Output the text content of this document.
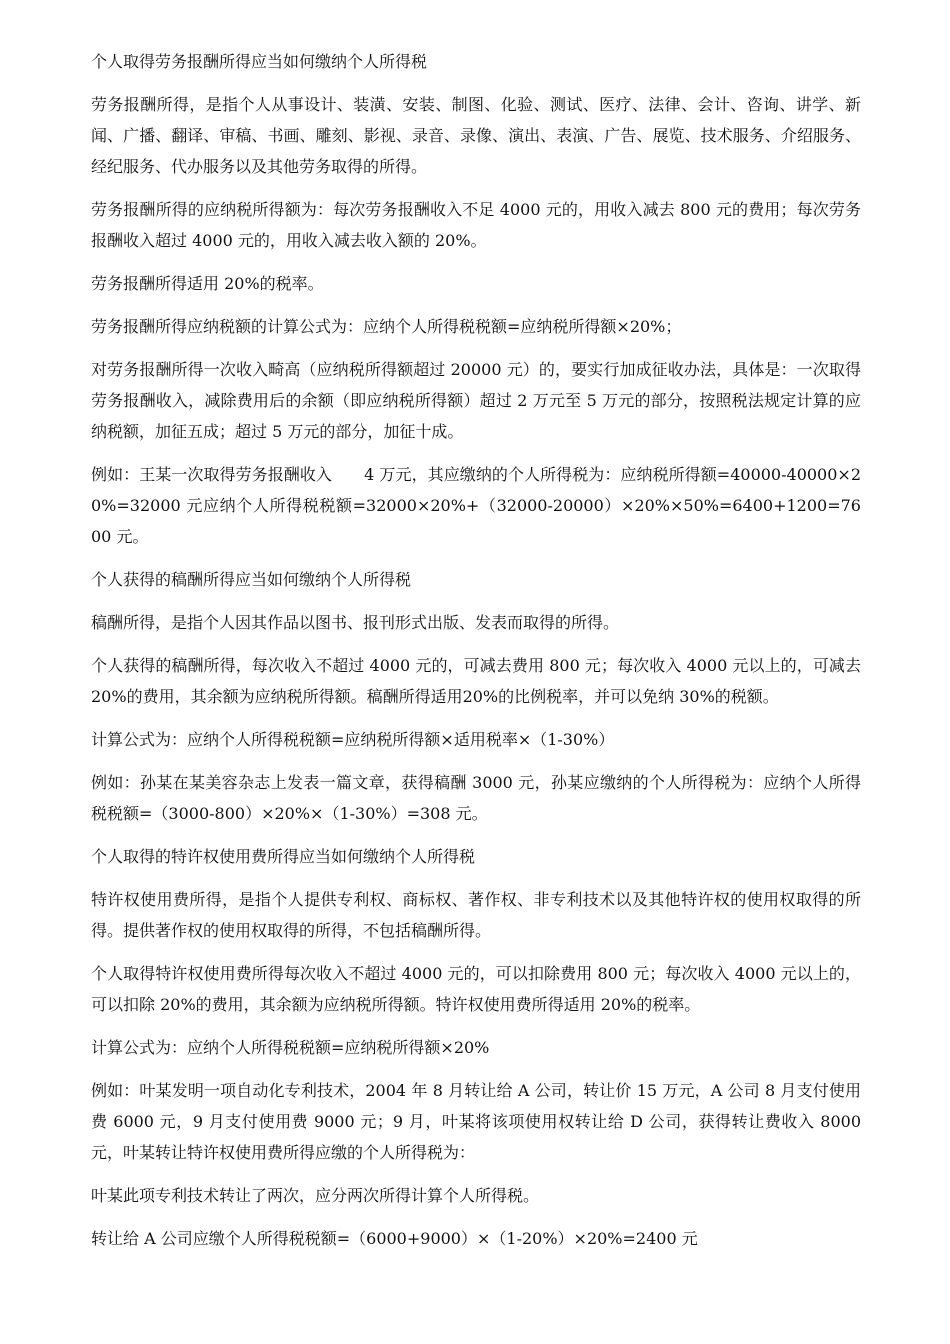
个人取得劳务报酬所得应当如何缴纳个人所得税

劳务报酬所得，是指个人从事设计、装潢、安装、制图、化验、测试、医疗、法律、会计、咨询、讲学、新闻、广播、翻译、审稿、书画、雕刻、影视、录音、录像、演出、表演、广告、展览、技术服务、介绍服务、经纪服务、代办服务以及其他劳务取得的所得。

劳务报酬所得的应纳税所得额为：每次劳务报酬收入不足 4000 元的，用收入减去 800 元的费用；每次劳务报酬收入超过 4000 元的，用收入减去收入额的 20%。

劳务报酬所得适用 20%的税率。

劳务报酬所得应纳税额的计算公式为：应纳个人所得税税额=应纳税所得额×20%；

对劳务报酬所得一次收入畸高（应纳税所得额超过 20000 元）的，要实行加成征收办法，具体是：一次取得劳务报酬收入，减除费用后的余额（即应纳税所得额）超过 2 万元至 5 万元的部分，按照税法规定计算的应纳税额，加征五成；超过 5 万元的部分，加征十成。

例如：王某一次取得劳务报酬收入　　4 万元，其应缴纳的个人所得税为：应纳税所得额=40000-40000×20%=32000 元应纳个人所得税税额=32000×20%+（32000-20000）×20%×50%=6400+1200=7600 元。

个人获得的稿酬所得应当如何缴纳个人所得税

稿酬所得，是指个人因其作品以图书、报刊形式出版、发表而取得的所得。

个人获得的稿酬所得，每次收入不超过 4000 元的，可减去费用 800 元；每次收入 4000 元以上的，可减去 20%的费用，其余额为应纳税所得额。稿酬所得适用20%的比例税率，并可以免纳 30%的税额。

计算公式为：应纳个人所得税税额=应纳税所得额×适用税率×（1-30%）

例如：孙某在某美容杂志上发表一篇文章，获得稿酬 3000 元，孙某应缴纳的个人所得税为：应纳个人所得税税额=（3000-800）×20%×（1-30%）=308 元。

个人取得的特许权使用费所得应当如何缴纳个人所得税

特许权使用费所得，是指个人提供专利权、商标权、著作权、非专利技术以及其他特许权的使用权取得的所得。提供著作权的使用权取得的所得，不包括稿酬所得。

个人取得特许权使用费所得每次收入不超过 4000 元的，可以扣除费用 800 元；每次收入 4000 元以上的，可以扣除 20%的费用，其余额为应纳税所得额。特许权使用费所得适用 20%的税率。

计算公式为：应纳个人所得税税额=应纳税所得额×20%

例如：叶某发明一项自动化专利技术，2004 年 8 月转让给 A 公司，转让价 15 万元，A 公司 8 月支付使用费 6000 元，9 月支付使用费 9000 元；9 月，叶某将该项使用权转让给 D 公司，获得转让费收入 8000 元，叶某转让特许权使用费所得应缴的个人所得税为：

叶某此项专利技术转让了两次，应分两次所得计算个人所得税。

转让给 A 公司应缴个人所得税税额=（6000+9000）×（1-20%）×20%=2400 元
